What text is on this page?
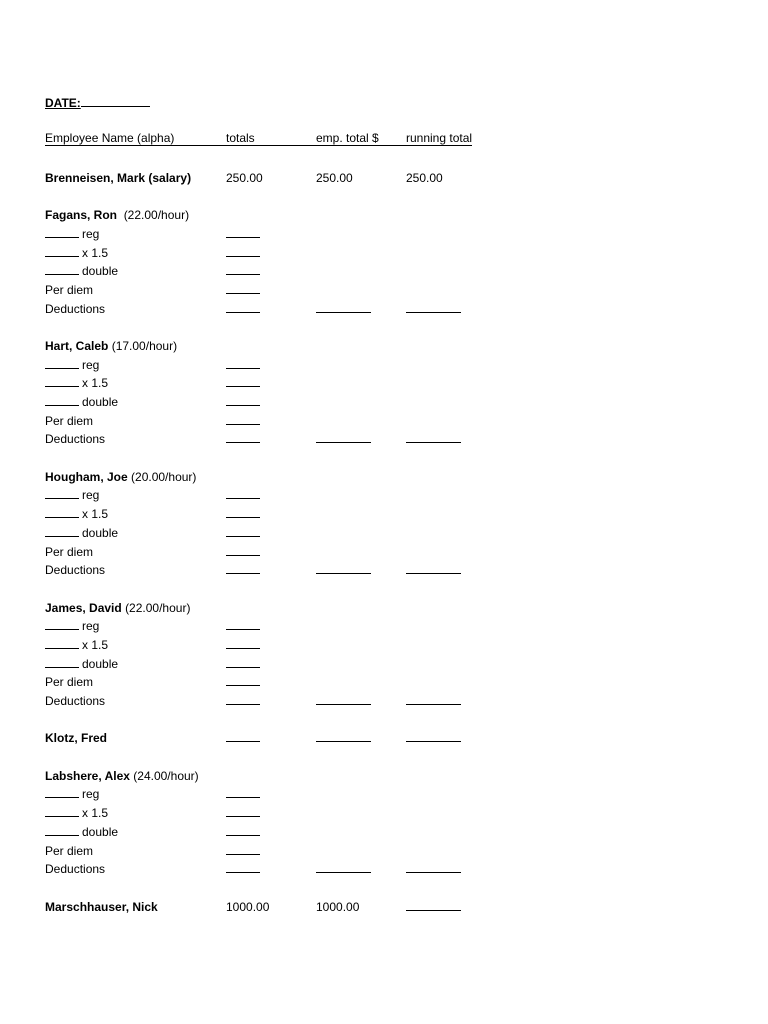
DATE:
Employee Name (alpha)	totals	emp. total $	running total
Brenneisen, Mark (salary)	250.00	250.00	250.00
Fagans, Ron (22.00/hour)
reg
x 1.5
double
Per diem
Deductions
Hart, Caleb (17.00/hour)
reg
x 1.5
double
Per diem
Deductions
Hougham, Joe (20.00/hour)
reg
x 1.5
double
Per diem
Deductions
James, David (22.00/hour)
reg
x 1.5
double
Per diem
Deductions
Klotz, Fred
Labshere, Alex (24.00/hour)
reg
x 1.5
double
Per diem
Deductions
Marschhauser, Nick	1000.00	1000.00
